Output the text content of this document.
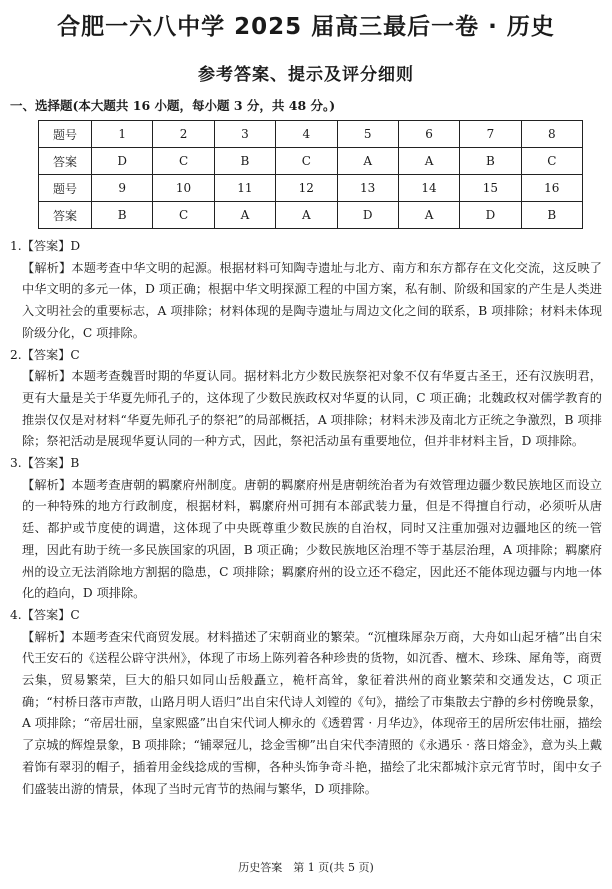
合肥一六八中学 2025 届高三最后一卷 · 历史
参考答案、提示及评分细则
一、选择题(本大题共 16 小题，每小题 3 分，共 48 分。)
题号	1	2	3	4	5	6	7	8
答案	D	C	B	C	A	A	B	C
题号	9	10	11	12	13	14	15	16
答案	B	C	A	A	D	A	D	B

1.【答案】D

【解析】本题考查中华文明的起源。根据材料可知陶寺遗址与北方、南方和东方都存在文化交流，这反映了中华文明的多元一体，D 项正确；根据中华文明探源工程的中国方案，私有制、阶级和国家的产生是人类进入文明社会的重要标志，A 项排除；材料体现的是陶寺遗址与周边文化之间的联系，B 项排除；材料未体现阶级分化，C 项排除。

2.【答案】C

【解析】本题考查魏晋时期的华夏认同。据材料北方少数民族祭祀对象不仅有华夏古圣王，还有汉族明君，更有大量是关于华夏先师孔子的，这体现了少数民族政权对华夏的认同，C 项正确；北魏政权对儒学教育的推崇仅仅是对材料“华夏先师孔子的祭祀”的局部概括，A 项排除；材料未涉及南北方正统之争激烈，B 项排除；祭祀活动是展现华夏认同的一种方式，因此，祭祀活动虽有重要地位，但并非材料主旨，D 项排除。

3.【答案】B

【解析】本题考查唐朝的羁縻府州制度。唐朝的羁縻府州是唐朝统治者为有效管理边疆少数民族地区而设立的一种特殊的地方行政制度，根据材料，羁縻府州可拥有本部武装力量，但是不得擅自行动，必须听从唐廷、都护或节度使的调遣，这体现了中央既尊重少数民族的自治权，同时又注重加强对边疆地区的统一管理，因此有助于统一多民族国家的巩固，B 项正确；少数民族地区治理不等于基层治理，A 项排除；羁縻府州的设立无法消除地方割据的隐患，C 项排除；羁縻府州的设立还不稳定，因此还不能体现边疆与内地一体化的趋向，D 项排除。

4.【答案】C

【解析】本题考查宋代商贸发展。材料描述了宋朝商业的繁荣。“沉檀珠犀杂万商，大舟如山起牙樯”出自宋代王安石的《送程公辟守洪州》，体现了市场上陈列着各种珍贵的货物，如沉香、檀木、珍珠、犀角等，商贾云集，贸易繁荣，巨大的船只如同山岳般矗立，桅杆高耸，象征着洪州的商业繁荣和交通发达，C 项正确；“村桥日落市声散，山路月明人语归”出自宋代诗人刘镗的《句》，描绘了市集散去宁静的乡村傍晚景象，A 项排除；“帝居壮丽，皇家熙盛”出自宋代词人柳永的《透碧霄 · 月华边》，体现帝王的居所宏伟壮丽，描绘了京城的辉煌景象，B 项排除；“铺翠冠儿，捻金雪柳”出自宋代李清照的《永遇乐 · 落日熔金》，意为头上戴着饰有翠羽的帽子，插着用金线捻成的雪柳，各种头饰争奇斗艳，描绘了北宋都城汴京元宵节时，闺中女子们盛装出游的情景，体现了当时元宵节的热闹与繁华，D 项排除。

历史答案　第 1 页(共 5 页)
